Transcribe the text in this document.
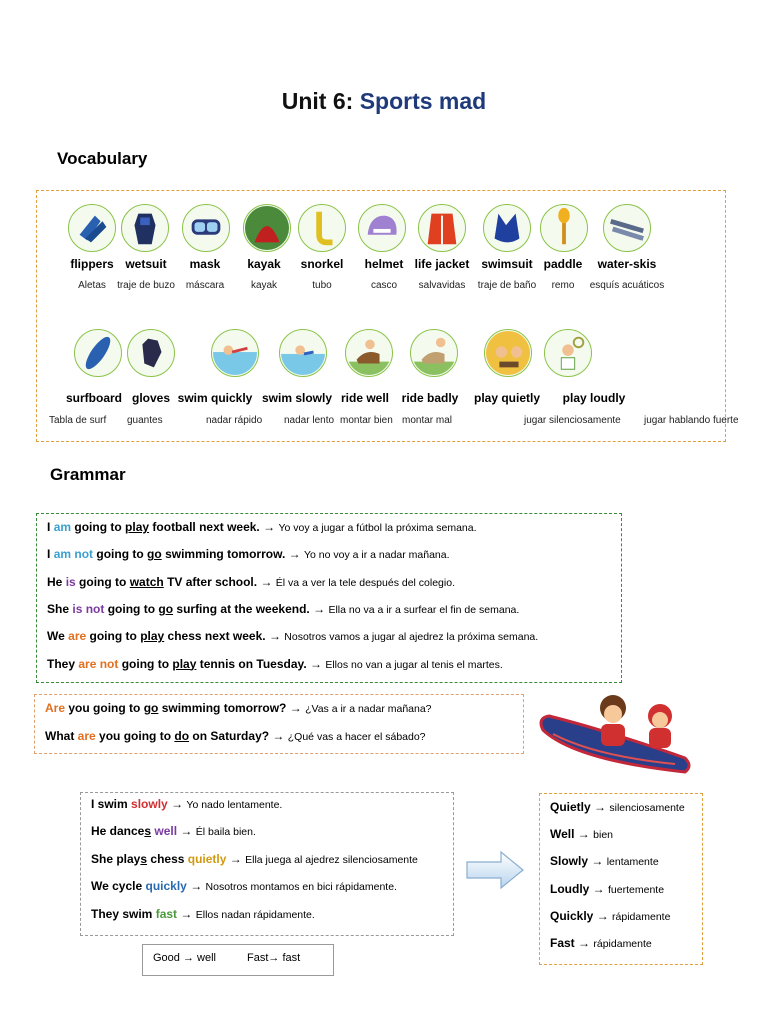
Unit 6: Sports mad
Vocabulary
flippers
Aletas
wetsuit
traje de buzo
mask
máscara
kayak
kayak
snorkel
tubo
helmet
casco
life jacket
salvavidas
swimsuit
traje de baño
paddle
remo
water-skis
esquís acuáticos
surfboard
Tabla de surf
gloves
guantes
swim quickly
nadar rápido
swim slowly
nadar lento
ride well
montar bien
ride badly
montar mal
play quietly
jugar silenciosamente
play loudly
jugar hablando fuerte
Grammar
I am going to play football next week. → Yo voy a jugar a fútbol la próxima semana.
I am not going to go swimming tomorrow. → Yo no voy a ir a nadar mañana.
He is going to watch TV after school. → Él va a ver la tele después del colegio.
She is not going to go surfing at the weekend. → Ella no va a ir a surfear el fin de semana.
We are going to play chess next week. → Nosotros vamos a jugar al ajedrez la próxima semana.
They are not going to play tennis on Tuesday. → Ellos no van a jugar al tenis el martes.
Are you going to go swimming tomorrow? → ¿Vas a ir a nadar mañana?
What are you going to do on Saturday? → ¿Qué vas a hacer el sábado?
I swim slowly → Yo nado lentamente.
He dances well → Él baila bien.
She plays chess quietly → Ella juega al ajedrez silenciosamente
We cycle quickly → Nosotros montamos en bici rápidamente.
They swim fast → Ellos nadan rápidamente.
Good → well	Fast→ fast
Quietly → silenciosamente
Well → bien
Slowly → lentamente
Loudly → fuertemente
Quickly → rápidamente
Fast → rápidamente
